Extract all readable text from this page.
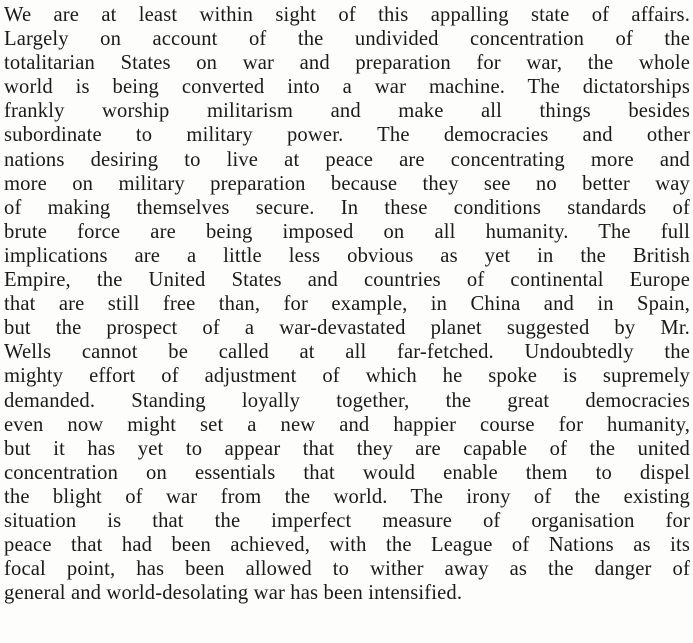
We are at least within sight of this appalling state of affairs.
Largely on account of the undivided concentration of the
totalitarian States on war and preparation for war, the whole
world is being converted into a war machine. The dictatorships
frankly worship militarism and make all things besides
subordinate to military power. The democracies and other
nations desiring to live at peace are concentrating more and
more on military preparation because they see no better way
of making themselves secure. In these conditions standards of
brute force are being imposed on all humanity. The full
implications are a little less obvious as yet in the British
Empire, the United States and countries of continental Europe
that are still free than, for example, in China and in Spain,
but the prospect of a war-devastated planet suggested by Mr.
Wells cannot be called at all far-fetched. Undoubtedly the
mighty effort of adjustment of which he spoke is supremely
demanded. Standing loyally together, the great democracies
even now might set a new and happier course for humanity,
but it has yet to appear that they are capable of the united
concentration on essentials that would enable them to dispel
the blight of war from the world. The irony of the existing
situation is that the imperfect measure of organisation for
peace that had been achieved, with the League of Nations as its
focal point, has been allowed to wither away as the danger of
general and world-desolating war has been intensified.
